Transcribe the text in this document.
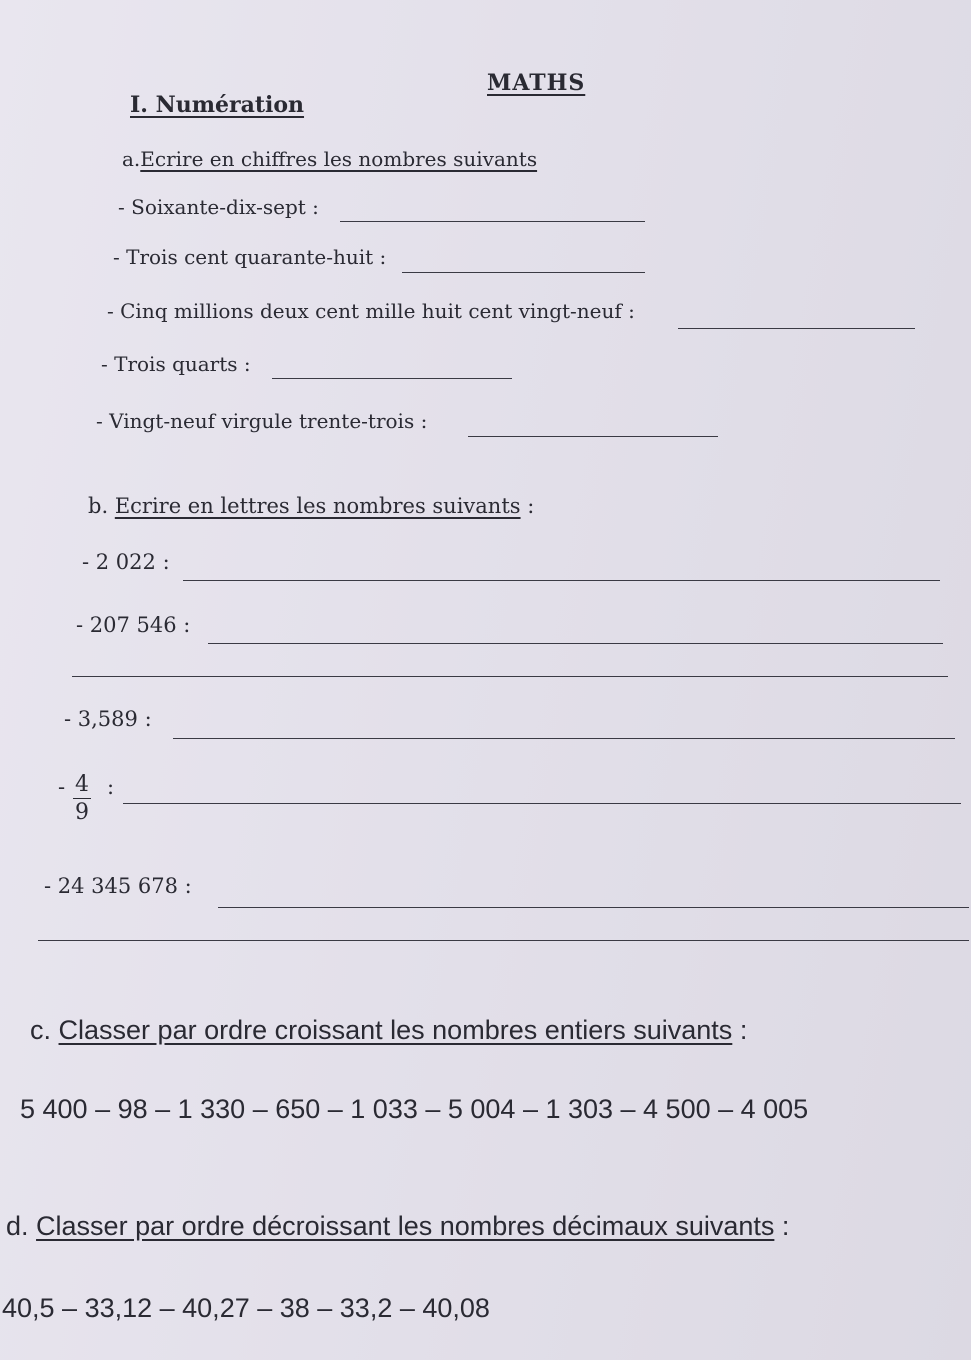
MATHS
I. Numération
a.Ecrire en chiffres les nombres suivants
- Soixante-dix-sept :
- Trois cent quarante-huit :
- Cinq millions deux cent mille huit cent vingt-neuf :
- Trois quarts :
- Vingt-neuf virgule trente-trois :
b. Ecrire en lettres les nombres suivants :
- 2 022 :
- 207 546 :
- 3,589 :
- $\frac{4}{9}$ :
- 24 345 678 :
c. Classer par ordre croissant les nombres entiers suivants :
5 400 – 98 – 1 330 – 650 – 1 033 – 5 004 – 1 303 – 4 500 – 4 005
d. Classer par ordre décroissant les nombres décimaux suivants :
40,5 – 33,12 – 40,27 – 38 – 33,2 – 40,08
